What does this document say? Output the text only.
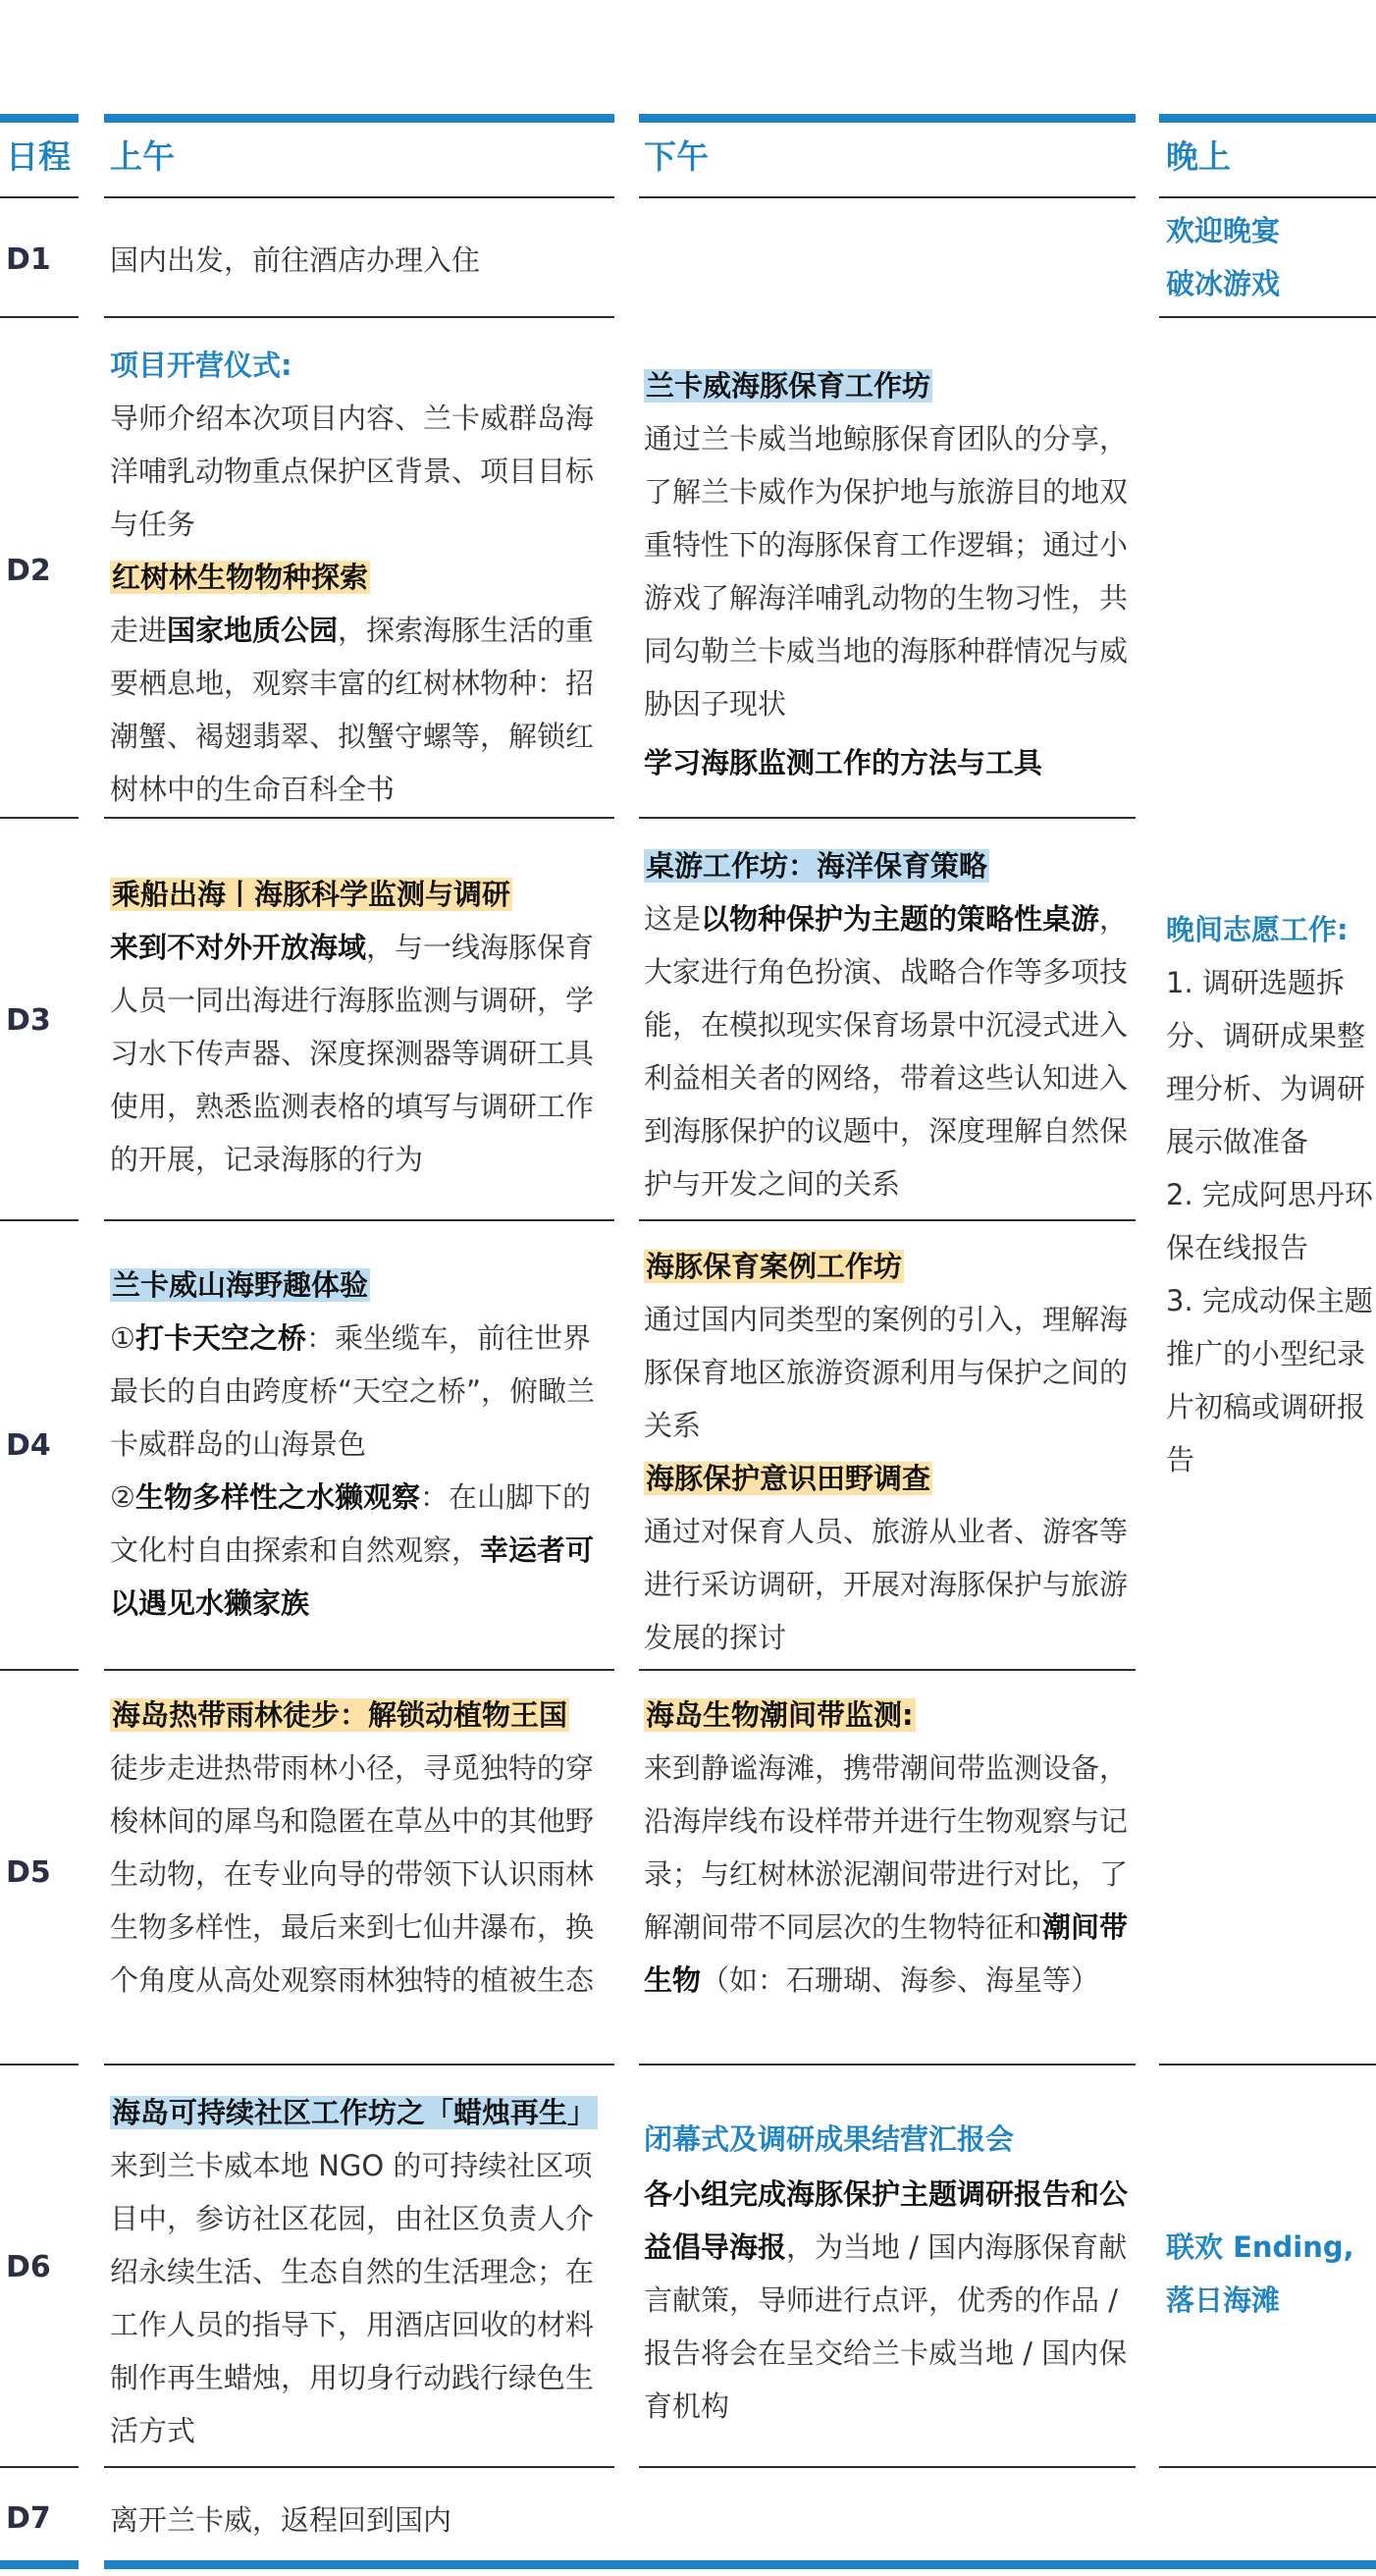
日程 上午	下午	晚上
D1 国内出发，前往酒店办理入住
欢迎晚宴
破冰游戏
D2

项目开营仪式:

导师介绍本次项目内容、兰卡威群岛海洋哺乳动物重点保护区背景、项目目标与任务

红树林生物物种探索

走进国家地质公园，探索海豚生活的重要栖息地，观察丰富的红树林物种：招潮蟹、褐翅翡翠、拟蟹守螺等，解锁红树林中的生命百科全书

兰卡威海豚保育工作坊

通过兰卡威当地鲸豚保育团队的分享，了解兰卡威作为保护地与旅游目的地双重特性下的海豚保育工作逻辑；通过小游戏了解海洋哺乳动物的生物习性，共同勾勒兰卡威当地的海豚种群情况与威胁因子现状

学习海豚监测工作的方法与工具

D3

乘船出海丨海豚科学监测与调研

来到不对外开放海域，与一线海豚保育人员一同出海进行海豚监测与调研，学习水下传声器、深度探测器等调研工具使用，熟悉监测表格的填写与调研工作的开展，记录海豚的行为

桌游工作坊：海洋保育策略

这是以物种保护为主题的策略性桌游，大家进行角色扮演、战略合作等多项技能，在模拟现实保育场景中沉浸式进入利益相关者的网络，带着这些认知进入到海豚保护的议题中，深度理解自然保护与开发之间的关系

晚间志愿工作:

1. 调研选题拆分、调研成果整理分析、为调研展示做准备

2. 完成阿思丹环保在线报告

3. 完成动保主题推广的小型纪录片初稿或调研报告

D4

兰卡威山海野趣体验

①打卡天空之桥：乘坐缆车，前往世界最长的自由跨度桥“天空之桥”，俯瞰兰卡威群岛的山海景色

②生物多样性之水獭观察：在山脚下的文化村自由探索和自然观察，幸运者可以遇见水獭家族

海豚保育案例工作坊

通过国内同类型的案例的引入，理解海豚保育地区旅游资源利用与保护之间的关系

海豚保护意识田野调查

通过对保育人员、旅游从业者、游客等进行采访调研，开展对海豚保护与旅游发展的探讨

D5

海岛热带雨林徒步：解锁动植物王国

徒步走进热带雨林小径，寻觅独特的穿梭林间的犀鸟和隐匿在草丛中的其他野生动物，在专业向导的带领下认识雨林生物多样性，最后来到七仙井瀑布，换个角度从高处观察雨林独特的植被生态

海岛生物潮间带监测:

来到静谧海滩，携带潮间带监测设备，沿海岸线布设样带并进行生物观察与记录；与红树林淤泥潮间带进行对比，了解潮间带不同层次的生物特征和潮间带生物（如：石珊瑚、海参、海星等）

D6

海岛可持续社区工作坊之「蜡烛再生」

来到兰卡威本地 NGO 的可持续社区项目中，参访社区花园，由社区负责人介绍永续生活、生态自然的生活理念；在工作人员的指导下，用酒店回收的材料制作再生蜡烛，用切身行动践行绿色生活方式

闭幕式及调研成果结营汇报会

各小组完成海豚保护主题调研报告和公益倡导海报，为当地 / 国内海豚保育献言献策，导师进行点评，优秀的作品 / 报告将会在呈交给兰卡威当地 / 国内保育机构

联欢 Ending,
落日海滩
D7 离开兰卡威，返程回到国内
